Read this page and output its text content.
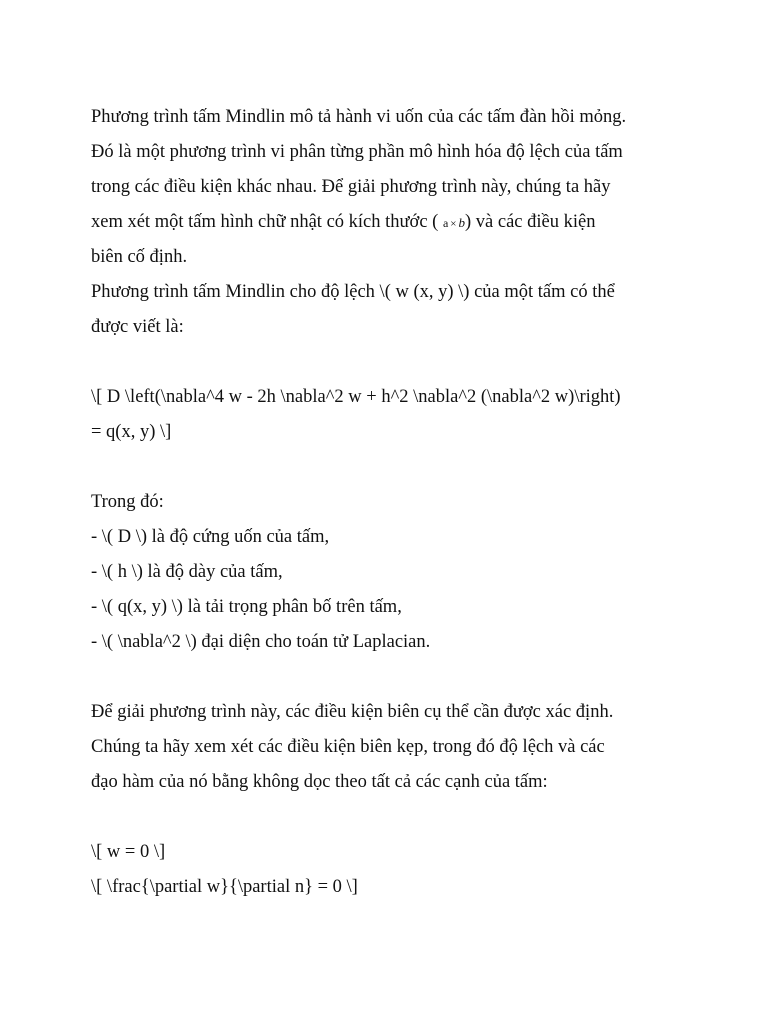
Phương trình tấm Mindlin mô tả hành vi uốn của các tấm đàn hồi mỏng.
Đó là một phương trình vi phân từng phần mô hình hóa độ lệch của tấm
trong các điều kiện khác nhau. Để giải phương trình này, chúng ta hãy
xem xét một tấm hình chữ nhật có kích thước ( a × b) và các điều kiện
biên cố định.
Phương trình tấm Mindlin cho độ lệch \( w (x, y) \) của một tấm có thể
được viết là:
\[ D \left(\nabla^4 w - 2h \nabla^2 w + h^2 \nabla^2 (\nabla^2 w)\right)
= q(x, y) \]
Trong đó:
- \( D \) là độ cứng uốn của tấm,
- \( h \) là độ dày của tấm,
- \( q(x, y) \) là tải trọng phân bố trên tấm,
- \( \nabla^2 \) đại diện cho toán tử Laplacian.
Để giải phương trình này, các điều kiện biên cụ thể cần được xác định.
Chúng ta hãy xem xét các điều kiện biên kẹp, trong đó độ lệch và các
đạo hàm của nó bằng không dọc theo tất cả các cạnh của tấm:
\[ w = 0 \]
\[ \frac{\partial w}{\partial n} = 0 \]
